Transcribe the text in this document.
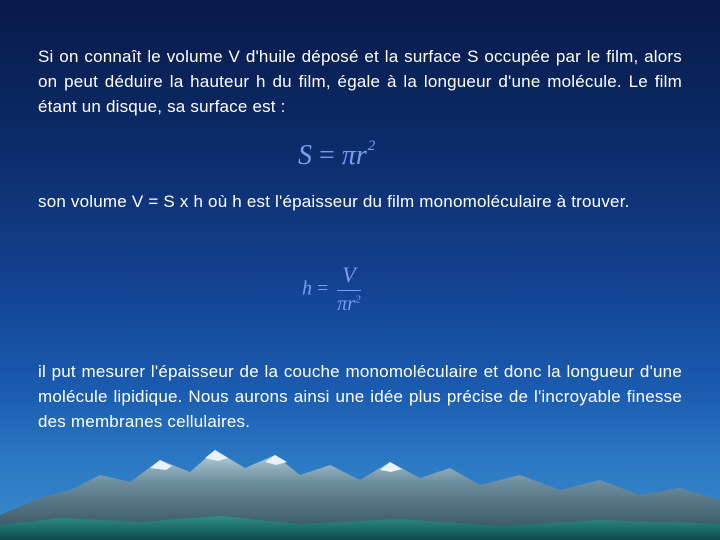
Si on connaît le volume V d'huile déposé et la surface S occupée par le film, alors on peut déduire la hauteur h du film, égale à la longueur d'une molécule. Le film étant un disque, sa surface est :
$S = \pi r^2$
son volume V = S x h où h est l'épaisseur du film monomoléculaire à trouver.
$h = \frac{V}{\pi r^2}$
il put mesurer l'épaisseur de la couche monomoléculaire et donc la longueur d'une molécule lipidique. Nous aurons ainsi une idée plus précise de l'incroyable finesse des membranes cellulaires.
